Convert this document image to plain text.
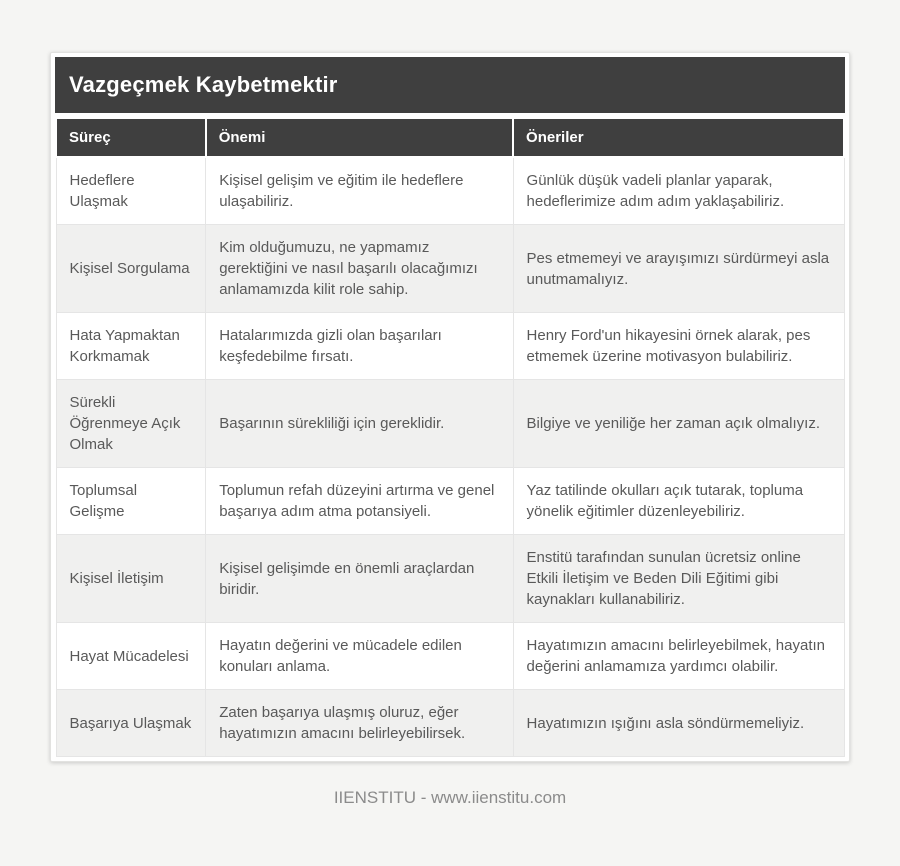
Vazgeçmek Kaybetmektir
Süreç	Önemi	Öneriler
Hedeflere Ulaşmak	Kişisel gelişim ve eğitim ile hedeflere ulaşabiliriz.	Günlük düşük vadeli planlar yaparak, hedeflerimize adım adım yaklaşabiliriz.
Kişisel Sorgulama	Kim olduğumuzu, ne yapmamız gerektiğini ve nasıl başarılı olacağımızı anlamamızda kilit role sahip.	Pes etmemeyi ve arayışımızı sürdürmeyi asla unutmamalıyız.
Hata Yapmaktan Korkmamak	Hatalarımızda gizli olan başarıları keşfedebilme fırsatı.	Henry Ford'un hikayesini örnek alarak, pes etmemek üzerine motivasyon bulabiliriz.
Sürekli Öğrenmeye Açık Olmak	Başarının sürekliliği için gereklidir.	Bilgiye ve yeniliğe her zaman açık olmalıyız.
Toplumsal Gelişme	Toplumun refah düzeyini artırma ve genel başarıya adım atma potansiyeli.	Yaz tatilinde okulları açık tutarak, topluma yönelik eğitimler düzenleyebiliriz.
Kişisel İletişim	Kişisel gelişimde en önemli araçlardan biridir.	Enstitü tarafından sunulan ücretsiz online Etkili İletişim ve Beden Dili Eğitimi gibi kaynakları kullanabiliriz.
Hayat Mücadelesi	Hayatın değerini ve mücadele edilen konuları anlama.	Hayatımızın amacını belirleyebilmek, hayatın değerini anlamamıza yardımcı olabilir.
Başarıya Ulaşmak	Zaten başarıya ulaşmış oluruz, eğer hayatımızın amacını belirleyebilirsek.	Hayatımızın ışığını asla söndürmemeliyiz.
IIENSTITU - www.iienstitu.com
